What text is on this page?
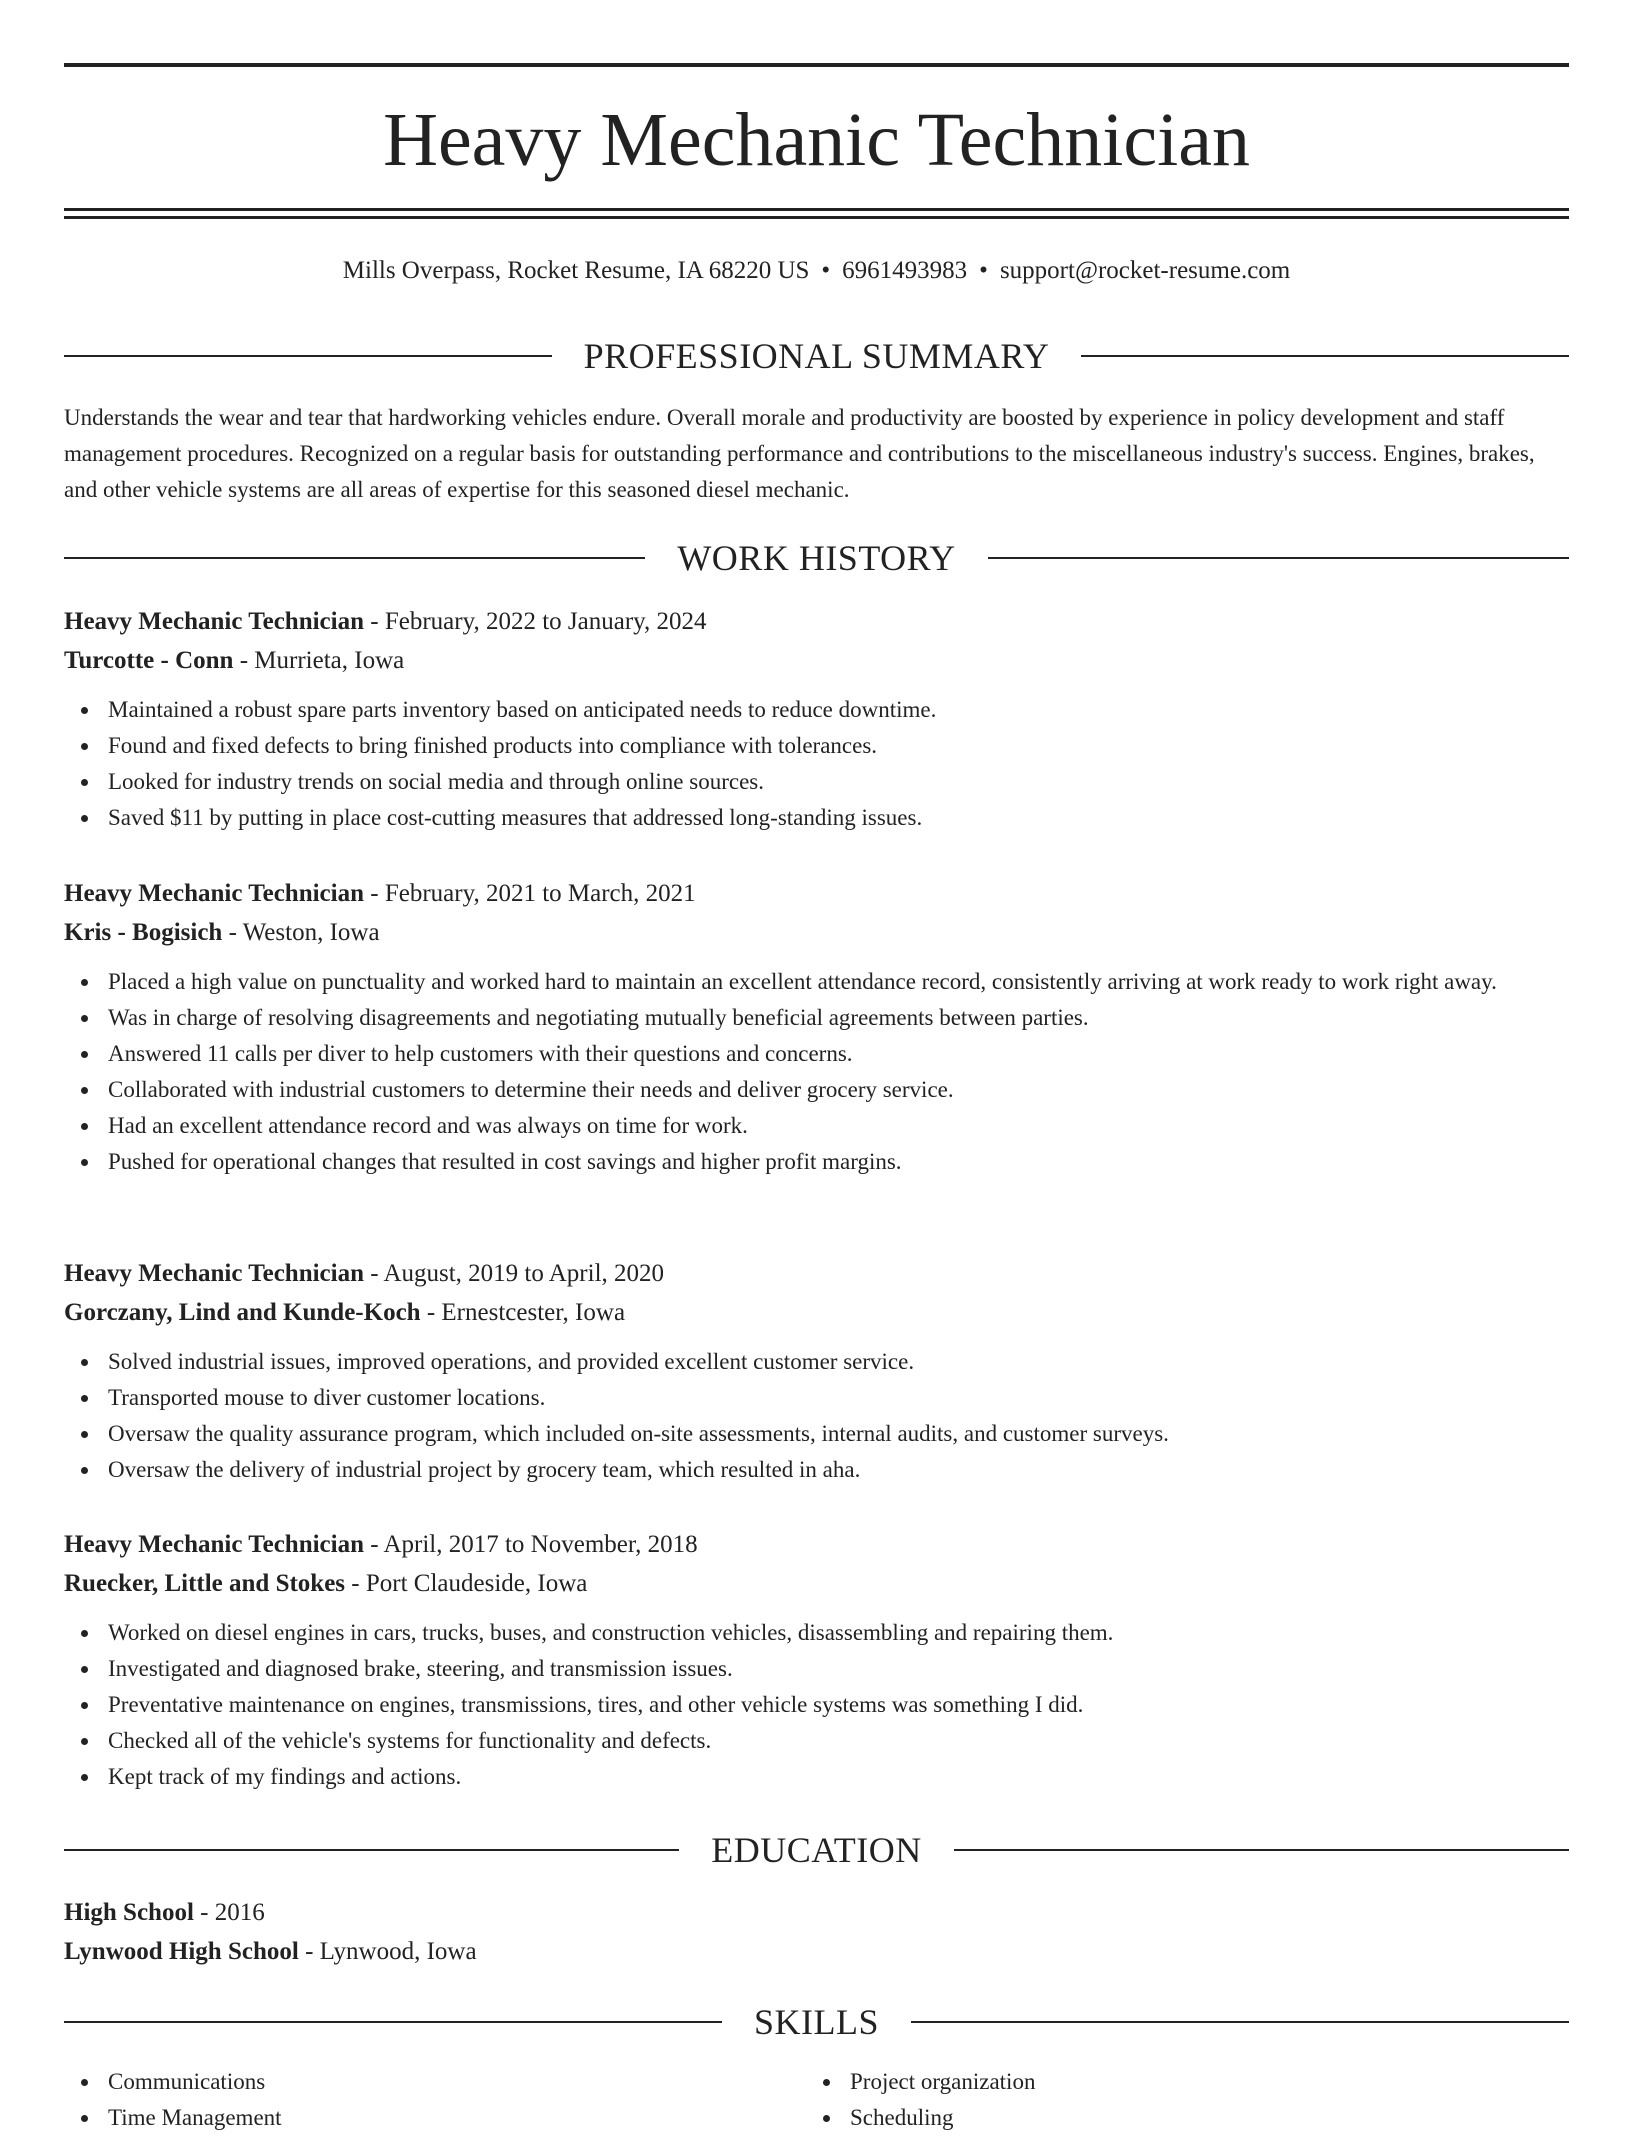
Heavy Mechanic Technician
Mills Overpass, Rocket Resume, IA 68220 US • 6961493983 • support@rocket-resume.com
PROFESSIONAL SUMMARY

Understands the wear and tear that hardworking vehicles endure. Overall morale and productivity are boosted by experience in policy development and staff management procedures. Recognized on a regular basis for outstanding performance and contributions to the miscellaneous industry's success. Engines, brakes, and other vehicle systems are all areas of expertise for this seasoned diesel mechanic.

WORK HISTORY

Heavy Mechanic Technician - February, 2022 to January, 2024

Turcotte - Conn - Murrieta, Iowa

Maintained a robust spare parts inventory based on anticipated needs to reduce downtime.
Found and fixed defects to bring finished products into compliance with tolerances.
Looked for industry trends on social media and through online sources.
Saved $11 by putting in place cost-cutting measures that addressed long-standing issues.

Heavy Mechanic Technician - February, 2021 to March, 2021

Kris - Bogisich - Weston, Iowa

Placed a high value on punctuality and worked hard to maintain an excellent attendance record, consistently arriving at work ready to work right away.
Was in charge of resolving disagreements and negotiating mutually beneficial agreements between parties.
Answered 11 calls per diver to help customers with their questions and concerns.
Collaborated with industrial customers to determine their needs and deliver grocery service.
Had an excellent attendance record and was always on time for work.
Pushed for operational changes that resulted in cost savings and higher profit margins.

Heavy Mechanic Technician - August, 2019 to April, 2020

Gorczany, Lind and Kunde-Koch - Ernestcester, Iowa

Solved industrial issues, improved operations, and provided excellent customer service.
Transported mouse to diver customer locations.
Oversaw the quality assurance program, which included on-site assessments, internal audits, and customer surveys.
Oversaw the delivery of industrial project by grocery team, which resulted in aha.

Heavy Mechanic Technician - April, 2017 to November, 2018

Ruecker, Little and Stokes - Port Claudeside, Iowa

Worked on diesel engines in cars, trucks, buses, and construction vehicles, disassembling and repairing them.
Investigated and diagnosed brake, steering, and transmission issues.
Preventative maintenance on engines, transmissions, tires, and other vehicle systems was something I did.
Checked all of the vehicle's systems for functionality and defects.
Kept track of my findings and actions.
EDUCATION

High School - 2016

Lynwood High School - Lynwood, Iowa

SKILLS
Communications
Time Management
Project organization
Scheduling
